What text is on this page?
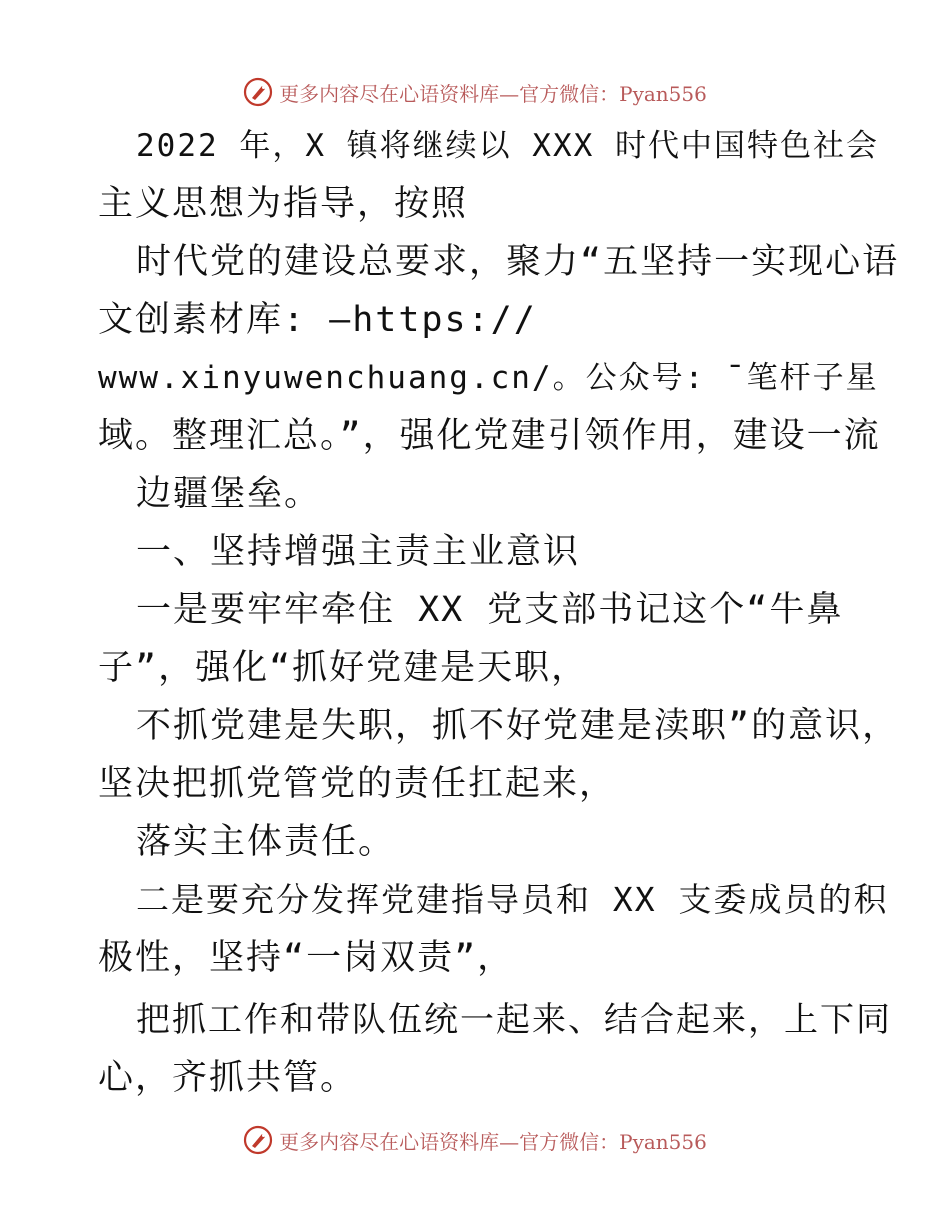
更多内容尽在心语资料库—官方微信：Pyan556
2022 年，X 镇将继续以 XXX 时代中国特色社会
主义思想为指导，按照
时代党的建设总要求，聚力“五坚持一实现心语
文创素材库: —https://
www.xinyuwenchuang.cn/。公众号: ¯笔杆子星
域。整理汇总。”，强化党建引领作用，建设一流
边疆堡垒。
一、坚持增强主责主业意识
一是要牢牢牵住 XX 党支部书记这个“牛鼻
子”，强化“抓好党建是天职，
不抓党建是失职，抓不好党建是渎职”的意识，
坚决把抓党管党的责任扛起来，
落实主体责任。
二是要充分发挥党建指导员和 XX 支委成员的积
极性，坚持“一岗双责”，
把抓工作和带队伍统一起来、结合起来，上下同
心，齐抓共管。
更多内容尽在心语资料库—官方微信：Pyan556
